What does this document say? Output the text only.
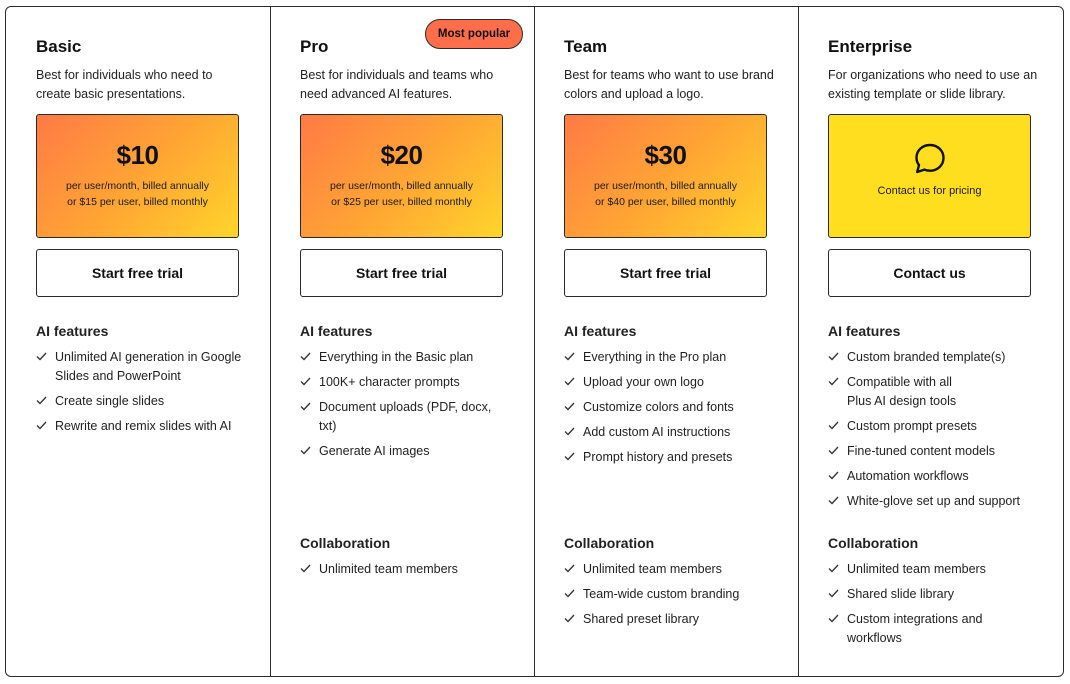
Basic
Best for individuals who need to create basic presentations.
$10
per user/month, billed annually
or $15 per user, billed monthly
Start free trial
AI features
Unlimited AI generation in Google Slides and PowerPoint
Create single slides
Rewrite and remix slides with AI
Pro
Best for individuals and teams who need advanced AI features.
$20
per user/month, billed annually
or $25 per user, billed monthly
Start free trial
AI features
Everything in the Basic plan
100K+ character prompts
Document uploads (PDF, docx, txt)
Generate AI images
Collaboration
Unlimited team members
Team
Best for teams who want to use brand colors and upload a logo.
$30
per user/month, billed annually
or $40 per user, billed monthly
Start free trial
AI features
Everything in the Pro plan
Upload your own logo
Customize colors and fonts
Add custom AI instructions
Prompt history and presets
Collaboration
Unlimited team members
Team-wide custom branding
Shared preset library
Enterprise
For organizations who need to use an existing template or slide library.
Contact us for pricing
Contact us
AI features
Custom branded template(s)
Compatible with all Plus AI design tools
Custom prompt presets
Fine-tuned content models
Automation workflows
White-glove set up and support
Collaboration
Unlimited team members
Shared slide library
Custom integrations and workflows
Most popular
